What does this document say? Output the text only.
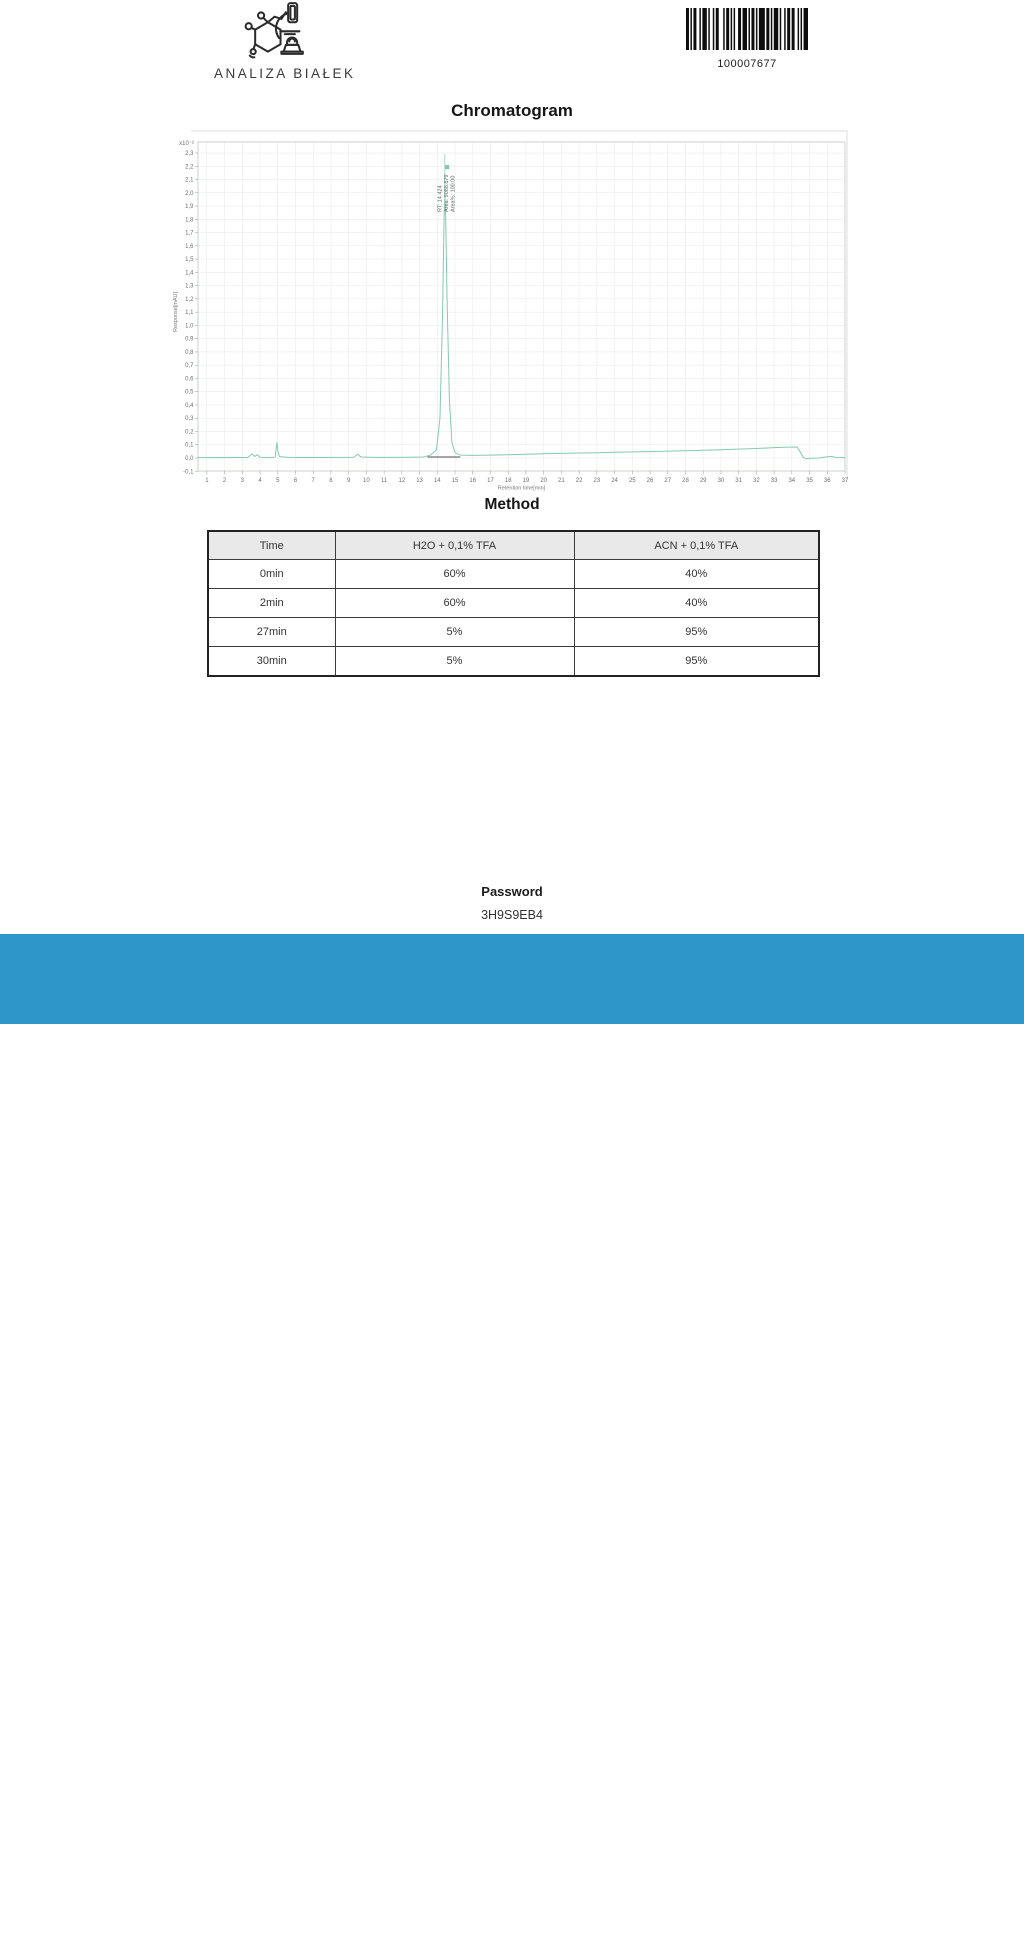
ANALIZA BIAŁEK
100007677
Chromatogram
2,3
2,2
2,1
2,0
1,9
1,8
1,7
1,6
1,5
1,4
1,3
1,2
1,1
1,0
0,9
0,8
0,7
0,6
0,5
0,4
0,3
0,2
0,1
0,0
-0,1
1 2 3 4 5 6 7 8 9 10 11 12 13 14 15 16 17 18 19 20 21 22 23 24 25 26 27 28 29 30 31 32 33 34 35 36 37
x10⁻²
Response[mAU]
Retention time[min]
RT: 14.424 Area: 9088.879 Area%: 100.00
Method
Time	H2O + 0,1% TFA	ACN + 0,1% TFA
0min	60%	40%
2min	60%	40%
27min	5%	95%
30min	5%	95%
Password
3H9S9EB4
Analiza Białek sp. z o.o.
KRS: 0000966168
NIP: 8992922970
REGON: 521751875
Headquarters and Laboratory:
ul. Duńska 9, 54-427 Wrocław
Budynek DELTA
Lab technician:
Analysis and research specialist
mgr Arkadiusz Zając
